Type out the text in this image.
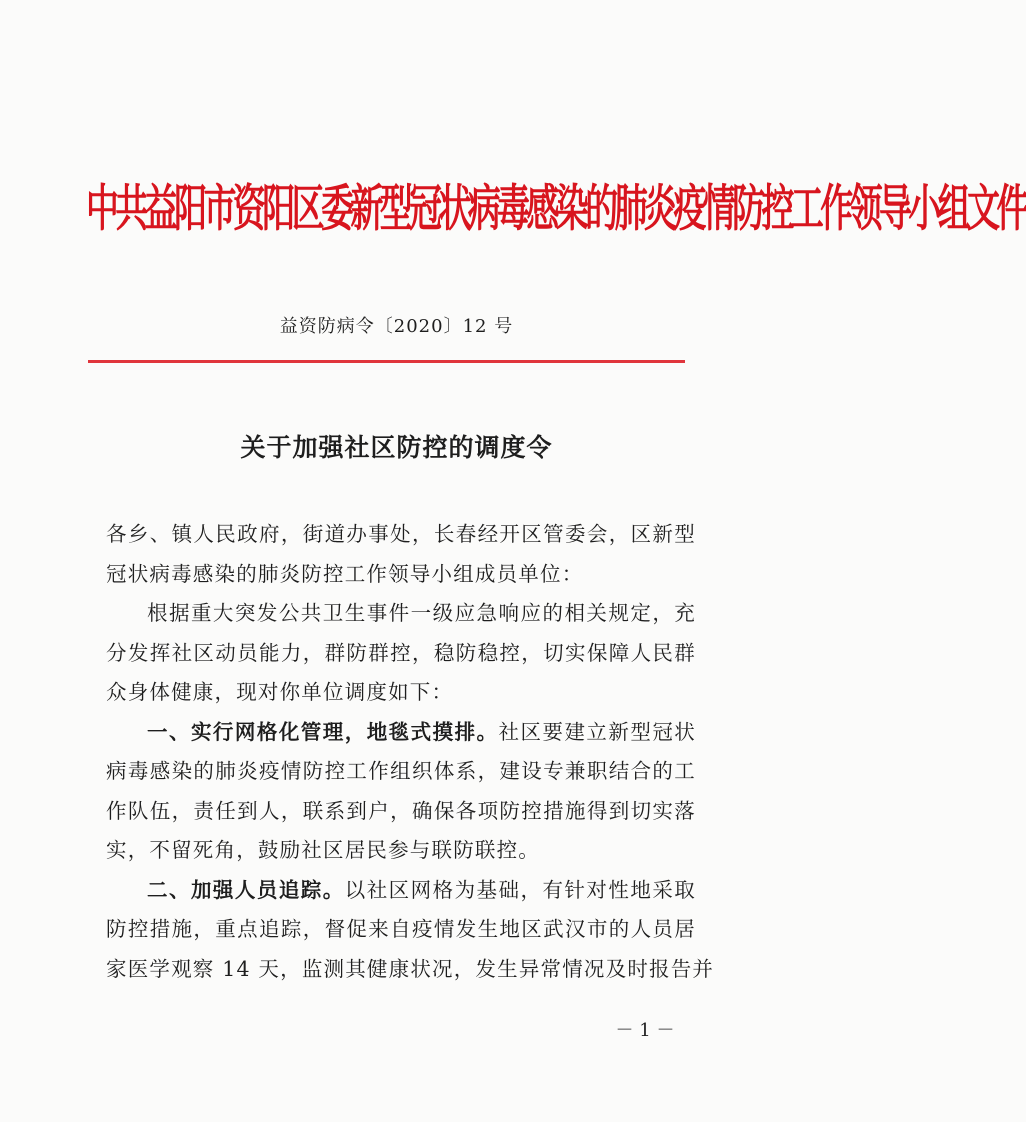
中共益阳市资阳区委新型冠状病毒感染的肺炎疫情防控工作领导小组文件
益资防病令〔2020〕12 号
关于加强社区防控的调度令
各乡、镇人民政府，街道办事处，长春经开区管委会，区新型
冠状病毒感染的肺炎防控工作领导小组成员单位：
根据重大突发公共卫生事件一级应急响应的相关规定，充
分发挥社区动员能力，群防群控，稳防稳控，切实保障人民群
众身体健康，现对你单位调度如下：
一、实行网格化管理，地毯式摸排。社区要建立新型冠状
病毒感染的肺炎疫情防控工作组织体系，建设专兼职结合的工
作队伍，责任到人，联系到户，确保各项防控措施得到切实落
实，不留死角，鼓励社区居民参与联防联控。
二、加强人员追踪。以社区网格为基础，有针对性地采取
防控措施，重点追踪，督促来自疫情发生地区武汉市的人员居
家医学观察 14 天，监测其健康状况，发生异常情况及时报告并
－ 1 －
